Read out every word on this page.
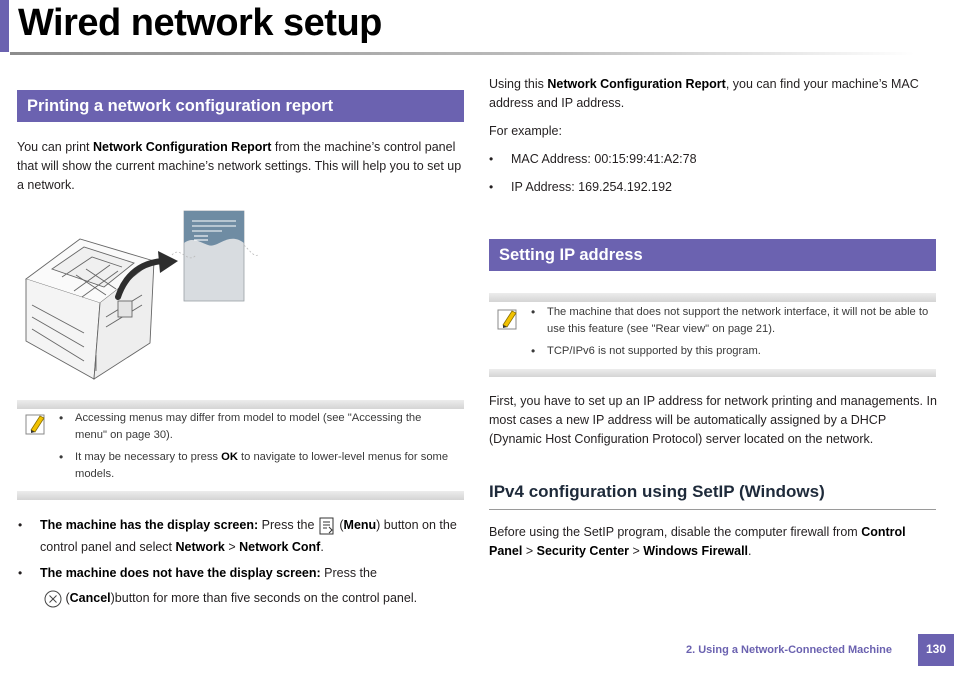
Wired network setup
Printing a network configuration report
You can print Network Configuration Report from the machine’s control panel that will show the current machine’s network settings. This will help you to set up a network.
• Accessing menus may differ from model to model (see "Accessing the menu" on page 30).
• It may be necessary to press OK to navigate to lower-level menus for some models.
• The machine has the display screen: Press the  (Menu) button on the control panel and select Network > Network Conf.
• The machine does not have the display screen: Press the
(Cancel)button for more than five seconds on the control panel.
Using this Network Configuration Report, you can find your machine’s MAC address and IP address.
For example:
• MAC Address: 00:15:99:41:A2:78
• IP Address: 169.254.192.192
Setting IP address
• The machine that does not support the network interface, it will not be able to use this feature (see "Rear view" on page 21).
• TCP/IPv6 is not supported by this program.
First, you have to set up an IP address for network printing and managements. In most cases a new IP address will be automatically assigned by a DHCP (Dynamic Host Configuration Protocol) server located on the network.
IPv4 configuration using SetIP (Windows)
Before using the SetIP program, disable the computer firewall from Control Panel > Security Center > Windows Firewall.
2. Using a Network-Connected Machine	130
